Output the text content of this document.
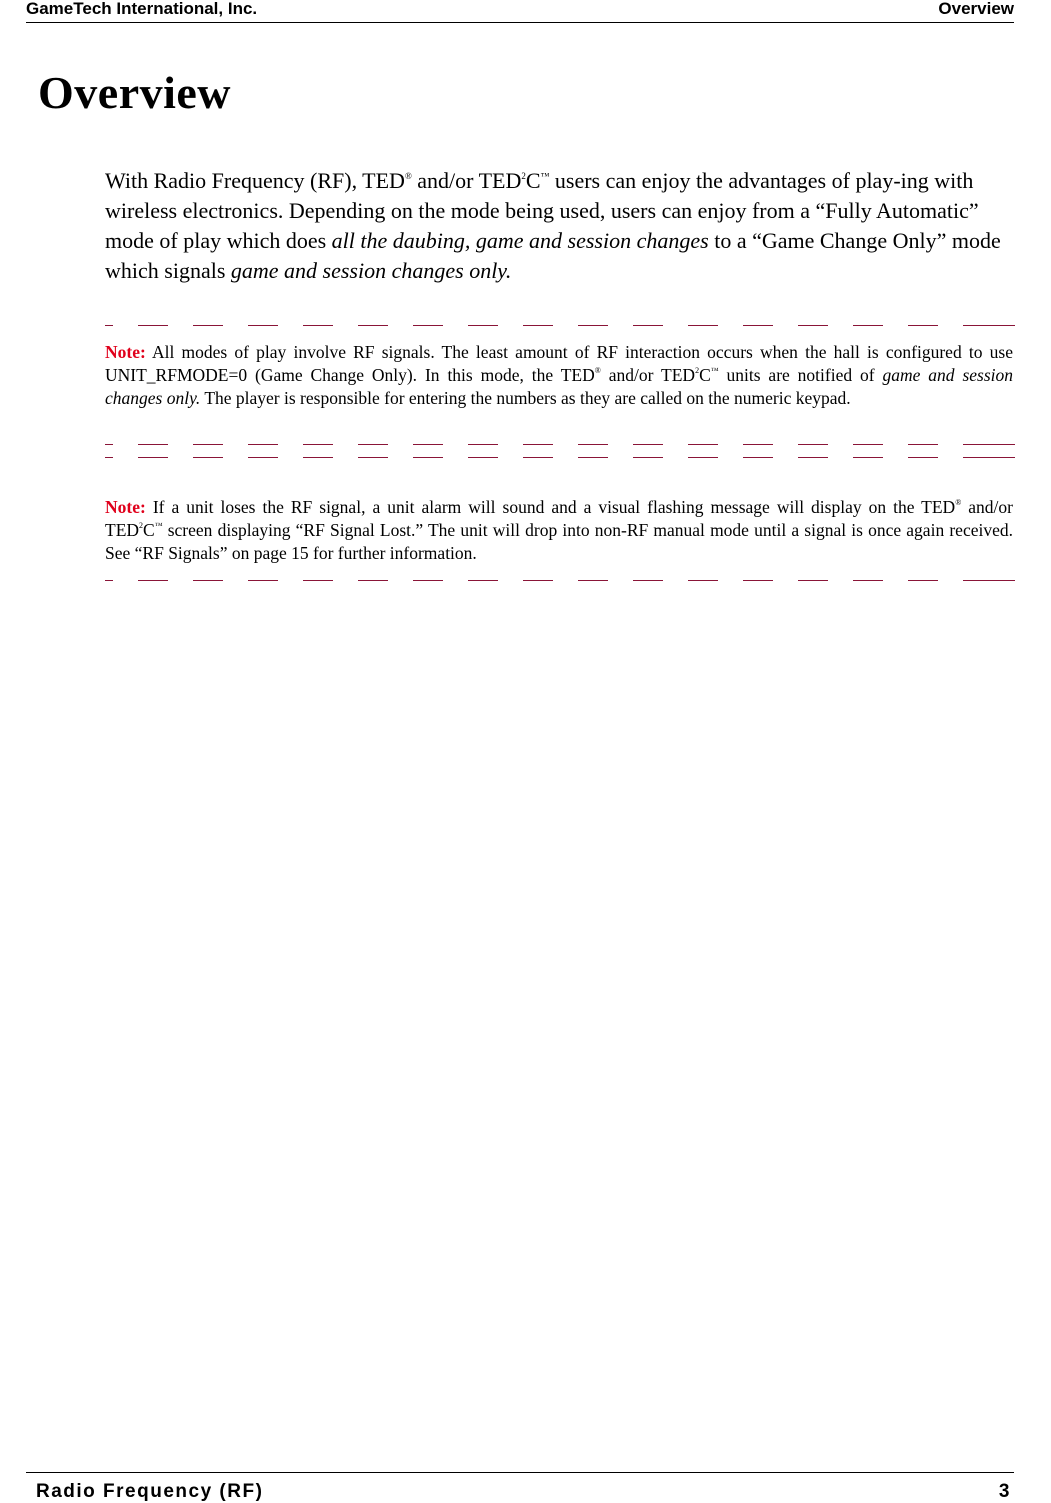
GameTech International, Inc.	Overview
Overview

With Radio Frequency (RF), TED® and/or TED$^2$C™ users can enjoy the advantages of play-ing with wireless electronics. Depending on the mode being used, users can enjoy from a “Fully Automatic” mode of play which does all the daubing, game and session changes to a “Game Change Only” mode which signals game and session changes only.

Note: All modes of play involve RF signals. The least amount of RF interaction occurs when the hall is configured to use UNIT_RFMODE=0 (Game Change Only). In this mode, the TED® and/or TED$^2$C™ units are notified of game and session changes only. The player is responsible for entering the numbers as they are called on the numeric keypad.
Note: If a unit loses the RF signal, a unit alarm will sound and a visual flashing message will display on the TED® and/or TED$^2$C™ screen displaying “RF Signal Lost.” The unit will drop into non-RF manual mode until a signal is once again received. See “RF Signals” on page 15 for further information.
Radio Frequency (RF)	3
